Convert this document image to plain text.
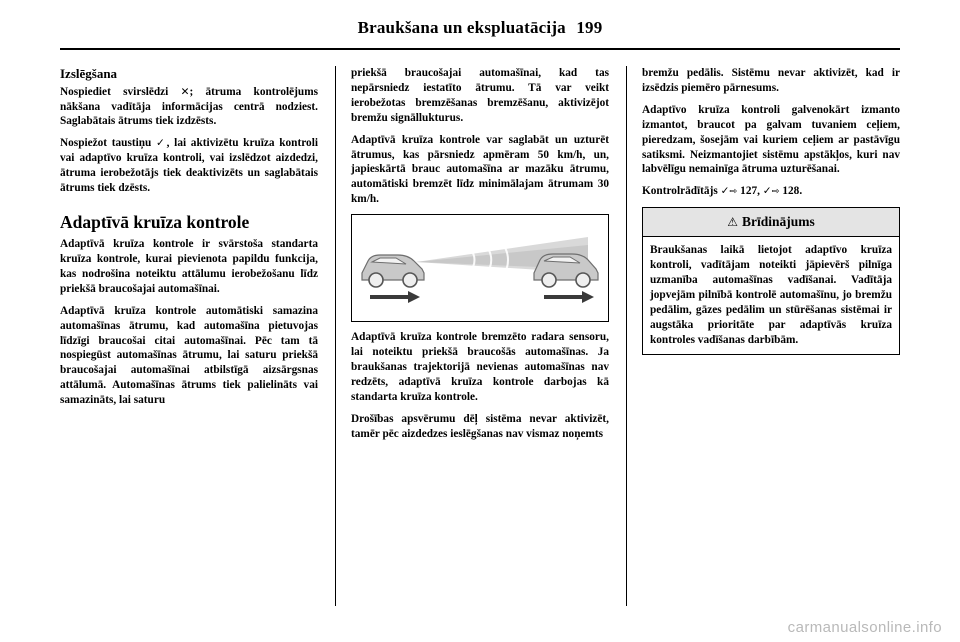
Braukšana un ekspluatācija 199
Izslēgšana

Nospiediet svirslēdzi ✕; ātruma kontrolējums nākšana vadītāja informācijas centrā nodziest. Saglabātais ātrums tiek izdzēsts.

Nospiežot taustiņu ✓, lai aktivizētu kruīza kontroli vai adaptīvo kruīza kontroli, vai izslēdzot aizdedzi, ātruma ierobežotājs tiek deaktivizēts un saglabātais ātrums tiek dzēsts.

Adaptīvā kruīza kontrole

Adaptīvā kruīza kontrole ir svārstoša standarta kruīza kontrole, kurai pievienota papildu funkcija, kas nodrošina noteiktu attālumu ierobežošanu līdz priekšā braucošajai automašīnai.

Adaptīvā kruīza kontrole automātiski samazina automašīnas ātrumu, kad automašīna pietuvojas līdzīgi braucošai citai automašīnai. Pēc tam tā nospiegūst automašīnas ātrumu, lai saturu priekšā braucošajai automašīnai atbilstīgā aizsārgsnas attālumā. Automašīnas ātrums tiek palielināts vai samazināts, lai saturu

priekšā braucošajai automašīnai, kad tas nepārsniedz iestatīto ātrumu. Tā var veikt ierobežotas bremzēšanas bremzēšanu, aktivizējot bremžu signāllukturus.

Adaptīvā kruīza kontrole var saglabāt un uzturēt ātrumus, kas pārsniedz apmēram 50 km/h, un, japieskārtā brauc automašīna ar mazāku ātrumu, automātiski bremzēt līdz minimālajam ātrumam 30 km/h.

Adaptīvā kruīza kontrole bremzēto radara sensoru, lai noteiktu priekšā braucošās automašīnas. Ja braukšanas trajektorijā nevienas automašīnas nav redzēts, adaptīvā kruīza kontrole darbojas kā standarta kruīza kontrole.

Drošības apsvērumu dēļ sistēma nevar aktivizēt, tamēr pēc aizdedzes ieslēgšanas nav vismaz noņemts

bremžu pedālis. Sistēmu nevar aktivizēt, kad ir izsēdzis piemēro pārnesums.

Adaptīvo kruīza kontroli galvenokārt izmanto izmantot, braucot pa galvam tuvaniem ceļiem, pieredzam, šosejām vai kuriem ceļiem ar pastāvīgu satiksmi. Neizmantojiet sistēmu apstākļos, kuri nav labvēlīgu nemainīga ātruma uzturēšanai.

Kontrolrādītājs ✓⇨ 127, ✓⇨ 128.

⚠ Brīdinājums
Braukšanas laikā lietojot adaptīvo kruīza kontroli, vadītājam noteikti jāpievērš pilnīga uzmanība automašīnas vadīšanai. Vadītāja jopvejām pilnībā kontrolē automašīnu, jo bremžu pedālim, gāzes pedālim un stūrēšanas sistēmai ir augstāka prioritāte par adaptīvās kruīza kontroles vadīšanas darbībām.
carmanualsonline.info
